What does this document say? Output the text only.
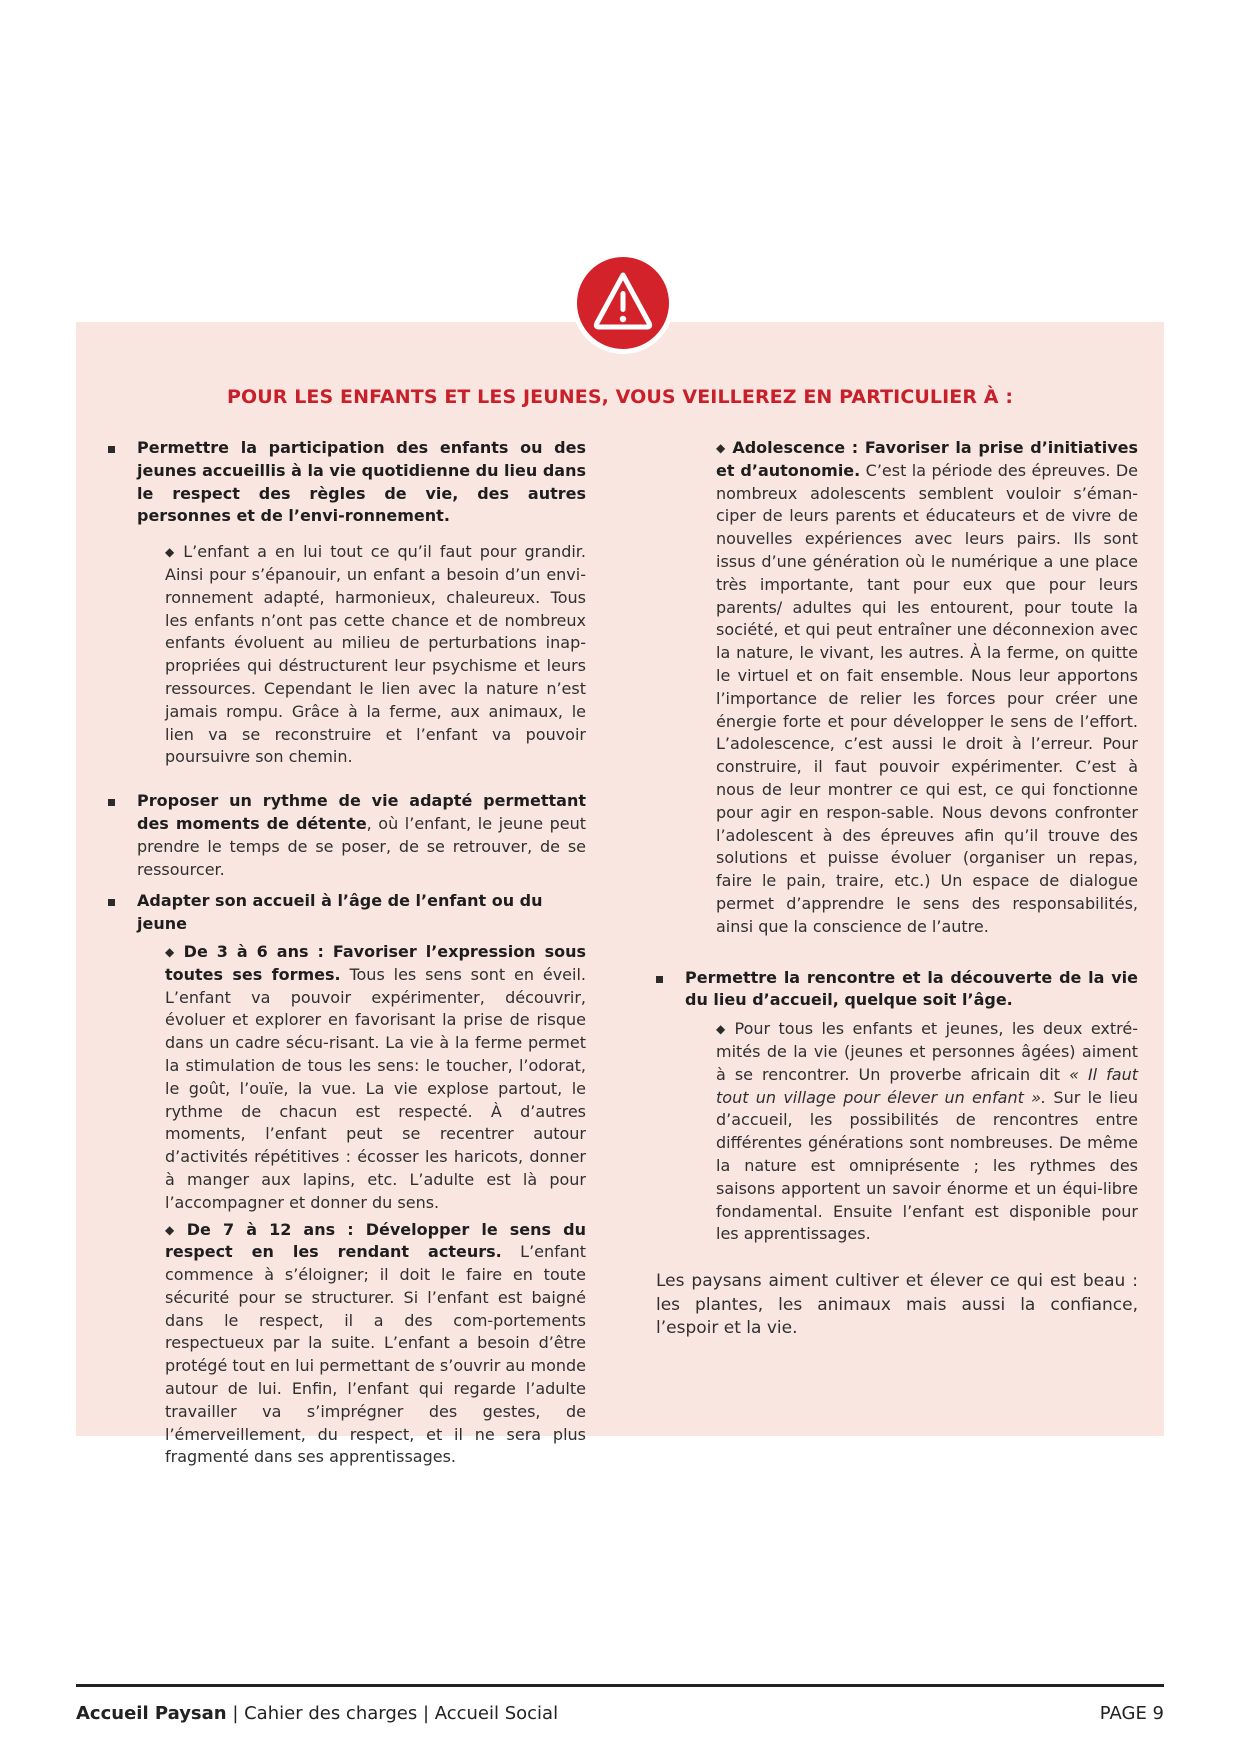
POUR LES ENFANTS ET LES JEUNES, VOUS VEILLEREZ EN PARTICULIER À :

Permettre la participation des enfants ou des jeunes accueillis à la vie quotidienne du lieu dans le respect des règles de vie, des autres personnes et de l’envi-ronnement.

◆ L’enfant a en lui tout ce qu’il faut pour grandir. Ainsi pour s’épanouir, un enfant a besoin d’un envi-ronnement adapté, harmonieux, chaleureux. Tous les enfants n’ont pas cette chance et de nombreux enfants évoluent au milieu de perturbations inap-propriées qui déstructurent leur psychisme et leurs ressources. Cependant le lien avec la nature n’est jamais rompu. Grâce à la ferme, aux animaux, le lien va se reconstruire et l’enfant va pouvoir poursuivre son chemin.

Proposer un rythme de vie adapté permettant des moments de détente, où l’enfant, le jeune peut prendre le temps de se poser, de se retrouver, de se ressourcer.

Adapter son accueil à l’âge de l’enfant ou du jeune

◆ De 3 à 6 ans : Favoriser l’expression sous toutes ses formes. Tous les sens sont en éveil. L’enfant va pouvoir expérimenter, découvrir, évoluer et explorer en favorisant la prise de risque dans un cadre sécu-risant. La vie à la ferme permet la stimulation de tous les sens: le toucher, l’odorat, le goût, l’ouïe, la vue. La vie explose partout, le rythme de chacun est respecté. À d’autres moments, l’enfant peut se recentrer autour d’activités répétitives : écosser les haricots, donner à manger aux lapins, etc. L’adulte est là pour l’accompagner et donner du sens.

◆ De 7 à 12 ans : Développer le sens du respect en les rendant acteurs. L’enfant commence à s’éloigner; il doit le faire en toute sécurité pour se structurer. Si l’enfant est baigné dans le respect, il a des com-portements respectueux par la suite. L’enfant a besoin d’être protégé tout en lui permettant de s’ouvrir au monde autour de lui. Enfin, l’enfant qui regarde l’adulte travailler va s’imprégner des gestes, de l’émerveillement, du respect, et il ne sera plus fragmenté dans ses apprentissages.

◆ Adolescence : Favoriser la prise d’initiatives et d’autonomie. C’est la période des épreuves. De nombreux adolescents semblent vouloir s’éman-ciper de leurs parents et éducateurs et de vivre de nouvelles expériences avec leurs pairs. Ils sont issus d’une génération où le numérique a une place très importante, tant pour eux que pour leurs parents/ adultes qui les entourent, pour toute la société, et qui peut entraîner une déconnexion avec la nature, le vivant, les autres. À la ferme, on quitte le virtuel et on fait ensemble. Nous leur apportons l’importance de relier les forces pour créer une énergie forte et pour développer le sens de l’effort. L’adolescence, c’est aussi le droit à l’erreur. Pour construire, il faut pouvoir expérimenter. C’est à nous de leur montrer ce qui est, ce qui fonctionne pour agir en respon-sable. Nous devons confronter l’adolescent à des épreuves afin qu’il trouve des solutions et puisse évoluer (organiser un repas, faire le pain, traire, etc.) Un espace de dialogue permet d’apprendre le sens des responsabilités, ainsi que la conscience de l’autre.

Permettre la rencontre et la découverte de la vie du lieu d’accueil, quelque soit l’âge.

◆ Pour tous les enfants et jeunes, les deux extré-mités de la vie (jeunes et personnes âgées) aiment à se rencontrer. Un proverbe africain dit « Il faut tout un village pour élever un enfant ». Sur le lieu d’accueil, les possibilités de rencontres entre différentes générations sont nombreuses. De même la nature est omniprésente ; les rythmes des saisons apportent un savoir énorme et un équi-libre fondamental. Ensuite l’enfant est disponible pour les apprentissages.

Les paysans aiment cultiver et élever ce qui est beau : les plantes, les animaux mais aussi la confiance, l’espoir et la vie.

Accueil Paysan | Cahier des charges | Accueil Social	PAGE 9
